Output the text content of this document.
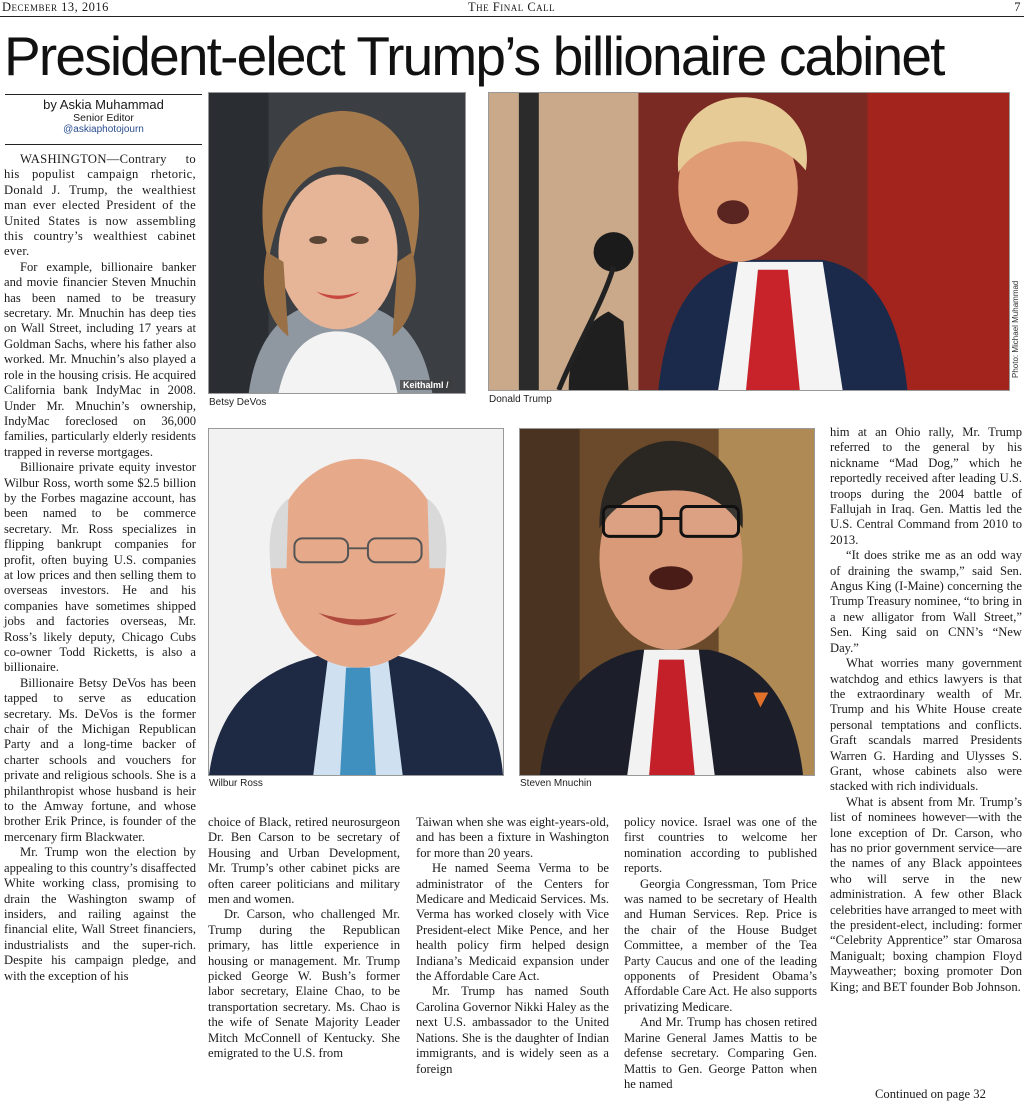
December 13, 2016	The Final Call	7
President-elect Trump’s billionaire cabinet
by Askia Muhammad
Senior Editor
@askiaphotojourn
KeithalmI /
Betsy DeVos
Photo: Michael Muhammad
Donald Trump
Wilbur Ross	Steven Mnuchin

WASHINGTON—Contrary to his populist campaign rhetoric, Donald J. Trump, the wealthiest man ever elected President of the United States is now assembling this country’s wealthiest cabinet ever.

For example, billionaire banker and movie financier Steven Mnuchin has been named to be treasury secretary. Mr. Mnuchin has deep ties on Wall Street, including 17 years at Goldman Sachs, where his father also worked. Mr. Mnuchin’s also played a role in the housing crisis. He acquired California bank IndyMac in 2008. Under Mr. Mnuchin’s ownership, IndyMac foreclosed on 36,000 families, particularly elderly residents trapped in reverse mortgages.

Billionaire private equity investor Wilbur Ross, worth some $2.5 billion by the Forbes magazine account, has been named to be commerce secretary. Mr. Ross specializes in flipping bankrupt companies for profit, often buying U.S. companies at low prices and then selling them to overseas investors. He and his companies have sometimes shipped jobs and factories overseas, Mr. Ross’s likely deputy, Chicago Cubs co-owner Todd Ricketts, is also a billionaire.

Billionaire Betsy DeVos has been tapped to serve as education secretary. Ms. DeVos is the former chair of the Michigan Republican Party and a long-time backer of charter schools and vouchers for private and religious schools. She is a philanthropist whose husband is heir to the Amway fortune, and whose brother Erik Prince, is founder of the mercenary firm Blackwater.

Mr. Trump won the election by appealing to this country’s disaffected White working class, promising to drain the Washington swamp of insiders, and railing against the financial elite, Wall Street financiers, industrialists and the super-rich. Despite his campaign pledge, and with the exception of his

choice of Black, retired neurosurgeon Dr. Ben Carson to be secretary of Housing and Urban Development, Mr. Trump’s other cabinet picks are often career politicians and military men and women.

Dr. Carson, who challenged Mr. Trump during the Republican primary, has little experience in housing or management. Mr. Trump picked George W. Bush’s former labor secretary, Elaine Chao, to be transportation secretary. Ms. Chao is the wife of Senate Majority Leader Mitch McConnell of Kentucky. She emigrated to the U.S. from

Taiwan when she was eight-years-old, and has been a fixture in Washington for more than 20 years.

He named Seema Verma to be administrator of the Centers for Medicare and Medicaid Services. Ms. Verma has worked closely with Vice President-elect Mike Pence, and her health policy firm helped design Indiana’s Medicaid expansion under the Affordable Care Act.

Mr. Trump has named South Carolina Governor Nikki Haley as the next U.S. ambassador to the United Nations. She is the daughter of Indian immigrants, and is widely seen as a foreign

policy novice. Israel was one of the first countries to welcome her nomination according to published reports.

Georgia Congressman, Tom Price was named to be secretary of Health and Human Services. Rep. Price is the chair of the House Budget Committee, a member of the Tea Party Caucus and one of the leading opponents of President Obama’s Affordable Care Act. He also supports privatizing Medicare.

And Mr. Trump has chosen retired Marine General James Mattis to be defense secretary. Comparing Gen. Mattis to Gen. George Patton when he named

him at an Ohio rally, Mr. Trump referred to the general by his nickname “Mad Dog,” which he reportedly received after leading U.S. troops during the 2004 battle of Fallujah in Iraq. Gen. Mattis led the U.S. Central Command from 2010 to 2013.

“It does strike me as an odd way of draining the swamp,” said Sen. Angus King (I-Maine) concerning the Trump Treasury nominee, “to bring in a new alligator from Wall Street,” Sen. King said on CNN’s “New Day.”

What worries many government watchdog and ethics lawyers is that the extraordinary wealth of Mr. Trump and his White House create personal temptations and conflicts. Graft scandals marred Presidents Warren G. Harding and Ulysses S. Grant, whose cabinets also were stacked with rich individuals.

What is absent from Mr. Trump’s list of nominees however—with the lone exception of Dr. Carson, who has no prior government service—are the names of any Black appointees who will serve in the new administration. A few other Black celebrities have arranged to meet with the president-elect, including: former “Celebrity Apprentice” star Omarosa Manigualt; boxing champion Floyd Mayweather; boxing promoter Don King; and BET founder Bob Johnson.

Continued on page 32
